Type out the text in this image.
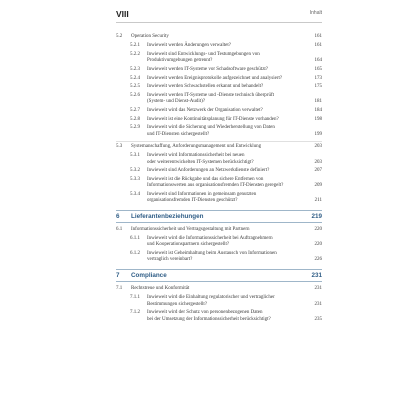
VIII	Inhalt
5.2 Operation Security	161
5.2.1 Inwieweit werden Änderungen verwaltet?	161
5.2.2 Inwieweit sind Entwicklungs- und Testumgebungen von
Produktivumgebungen getrennt?	164
5.2.3 Inwieweit werden IT-Systeme vor Schadsoftware geschützt?	165
5.2.4 Inwieweit werden Ereignisprotokolle aufgezeichnet und analysiert?	173
5.2.5 Inwieweit werden Schwachstellen erkannt und behandelt?	175
5.2.6 Inwieweit werden IT-Systeme und -Dienste technisch überprüft
(System- und Dienst-Audit)?	181
5.2.7 Inwieweit wird das Netzwerk der Organisation verwaltet?	184
5.2.8 Inwieweit ist eine Kontinuitätsplanung für IT-Dienste vorhanden?	198
5.2.9 Inwieweit wird die Sicherung und Wiederherstellung von Daten
und IT-Diensten sichergestellt?	199
5.3 Systemanschaffung, Anforderungsmanagement und Entwicklung	203
5.3.1 Inwieweit wird Informationssicherheit bei neuen
oder weiterentwickelten IT-Systemen berücksichtigt?	203
5.3.2 Inwieweit sind Anforderungen an Netzwerkdienste definiert?	207
5.3.3 Inwieweit ist die Rückgabe und das sichere Entfernen von
Informationswerten aus organisationsfremden IT-Diensten geregelt?	209
5.3.4 Inwieweit sind Informationen in gemeinsam genutzten
organisationsfremden IT-Diensten geschützt?	211
6 Lieferantenbeziehungen	219
6.1 Informationssicherheit und Vertragsgestaltung mit Partnern	220
6.1.1 Inwieweit wird die Informationssicherheit bei Auftragnehmern
und Kooperationspartnern sichergestellt?	220
6.1.2 Inwieweit ist Geheimhaltung beim Austausch von Informationen
vertraglich vereinbart?	226
7 Compliance	231
7.1 Rechtstreue und Konformität	231
7.1.1 Inwieweit wird die Einhaltung regulatorischer und vertraglicher
Bestimmungen sichergestellt?	231
7.1.2 Inwieweit wird der Schutz von personenbezogenen Daten
bei der Umsetzung der Informationssicherheit berücksichtigt?	235
